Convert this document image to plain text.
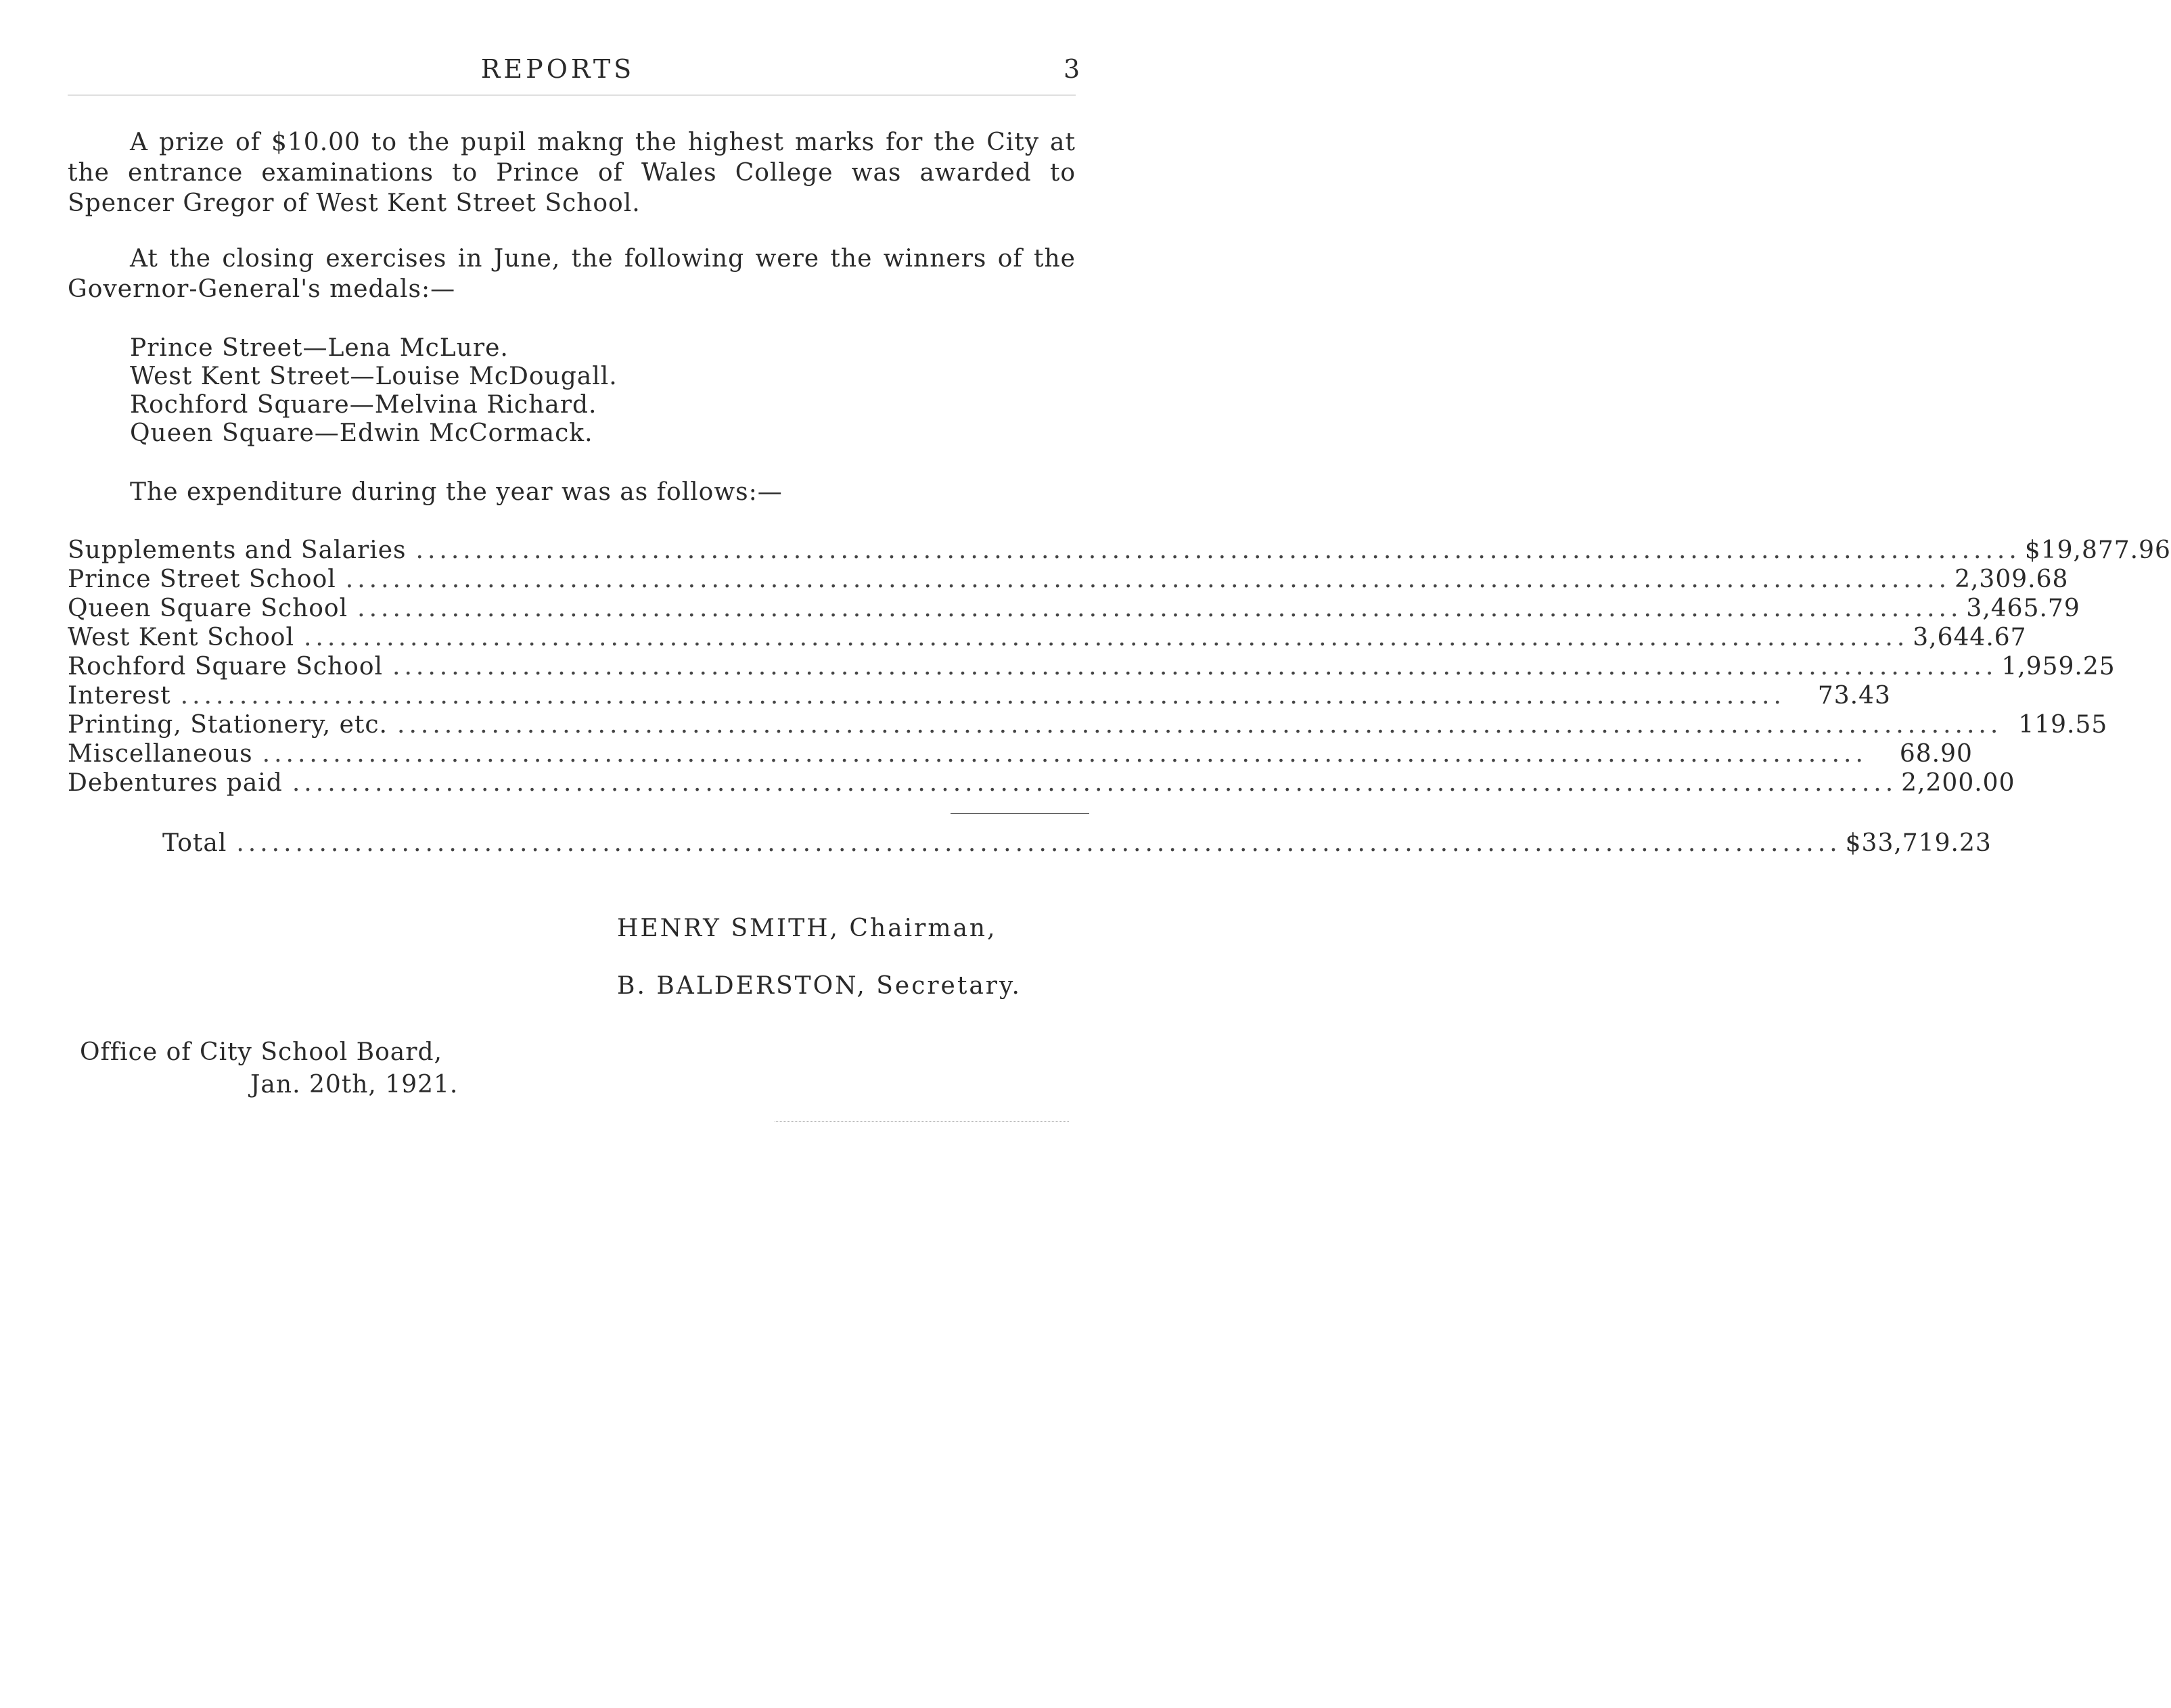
REPORTS	3
A prize of $10.00 to the pupil makng the highest marks for the City at the entrance examinations to Prince of Wales College was awarded to Spencer Gregor of West Kent Street School.
At the closing exercises in June, the following were the winners of the Governor-General's medals:—
Prince Street—Lena McLure.
West Kent Street—Louise McDougall.
Rochford Square—Melvina Richard.
Queen Square—Edwin McCormack.
The expenditure during the year was as follows:—
Supplements and Salaries ........................................................................................................................................ $19,877.96
Prince Street School ........................................................................................................................................ 2,309.68
Queen Square School ........................................................................................................................................ 3,465.79
West Kent School ........................................................................................................................................ 3,644.67
Rochford Square School ........................................................................................................................................ 1,959.25
Interest ........................................................................................................................................	73.43
Printing, Stationery, etc. ........................................................................................................................................ 119.55
Miscellaneous ........................................................................................................................................	68.90
Debentures paid ........................................................................................................................................ 2,200.00
Total ........................................................................................................................................ $33,719.23
HENRY SMITH, Chairman,
B. BALDERSTON, Secretary.
Office of City School Board,
Jan. 20th, 1921.
